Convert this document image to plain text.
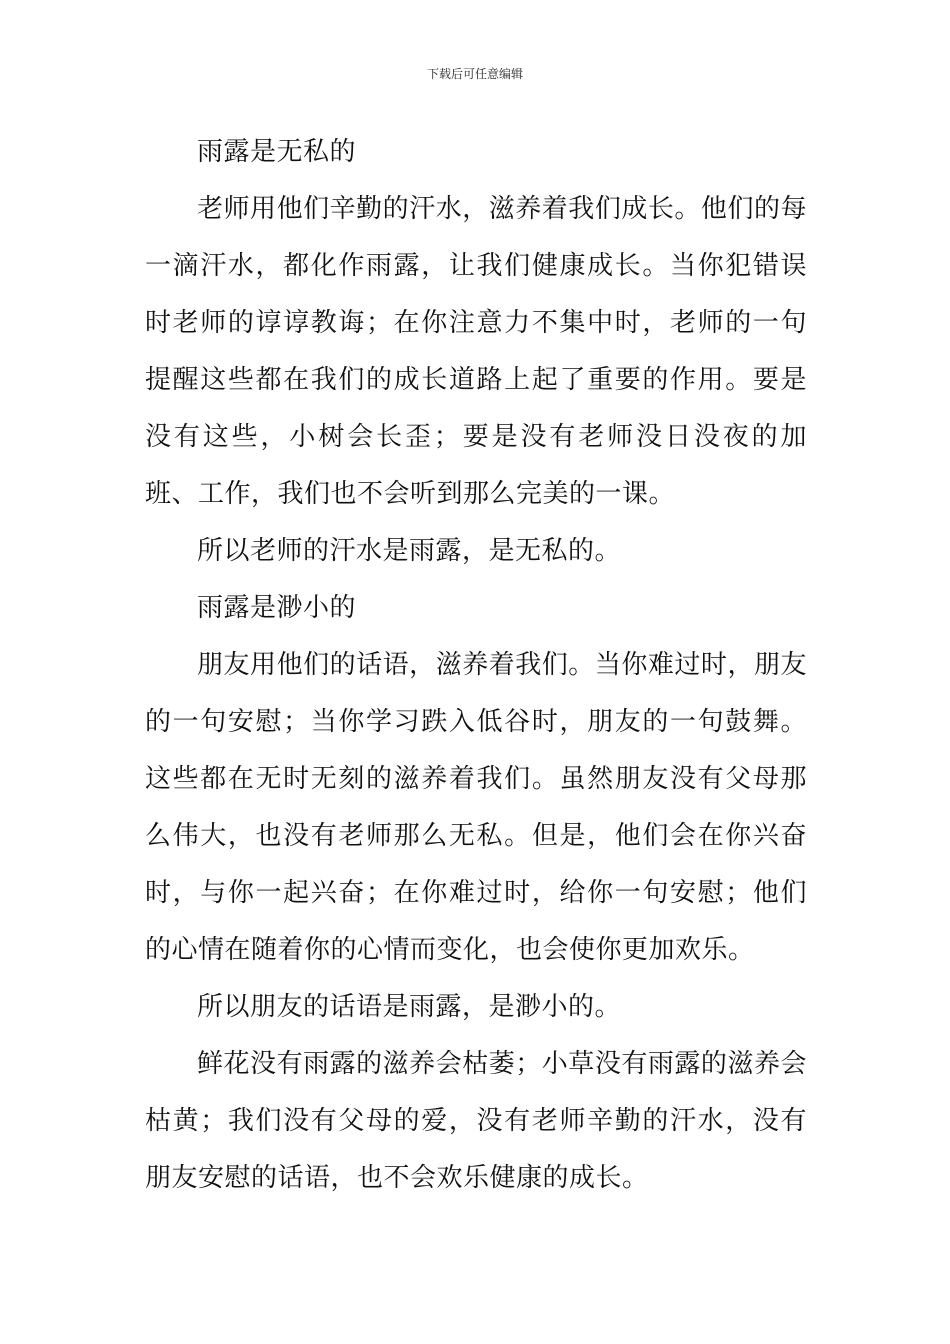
下载后可任意编辑

雨露是无私的

老师用他们辛勤的汗水，滋养着我们成长。他们的每一滴汗水，都化作雨露，让我们健康成长。当你犯错误时老师的谆谆教诲；在你注意力不集中时，老师的一句提醒这些都在我们的成长道路上起了重要的作用。要是没有这些，小树会长歪；要是没有老师没日没夜的加班、工作，我们也不会听到那么完美的一课。

所以老师的汗水是雨露，是无私的。

雨露是渺小的

朋友用他们的话语，滋养着我们。当你难过时，朋友的一句安慰；当你学习跌入低谷时，朋友的一句鼓舞。这些都在无时无刻的滋养着我们。虽然朋友没有父母那么伟大，也没有老师那么无私。但是，他们会在你兴奋时，与你一起兴奋；在你难过时，给你一句安慰；他们的心情在随着你的心情而变化，也会使你更加欢乐。

所以朋友的话语是雨露，是渺小的。

鲜花没有雨露的滋养会枯萎；小草没有雨露的滋养会枯黄；我们没有父母的爱，没有老师辛勤的汗水，没有朋友安慰的话语，也不会欢乐健康的成长。
